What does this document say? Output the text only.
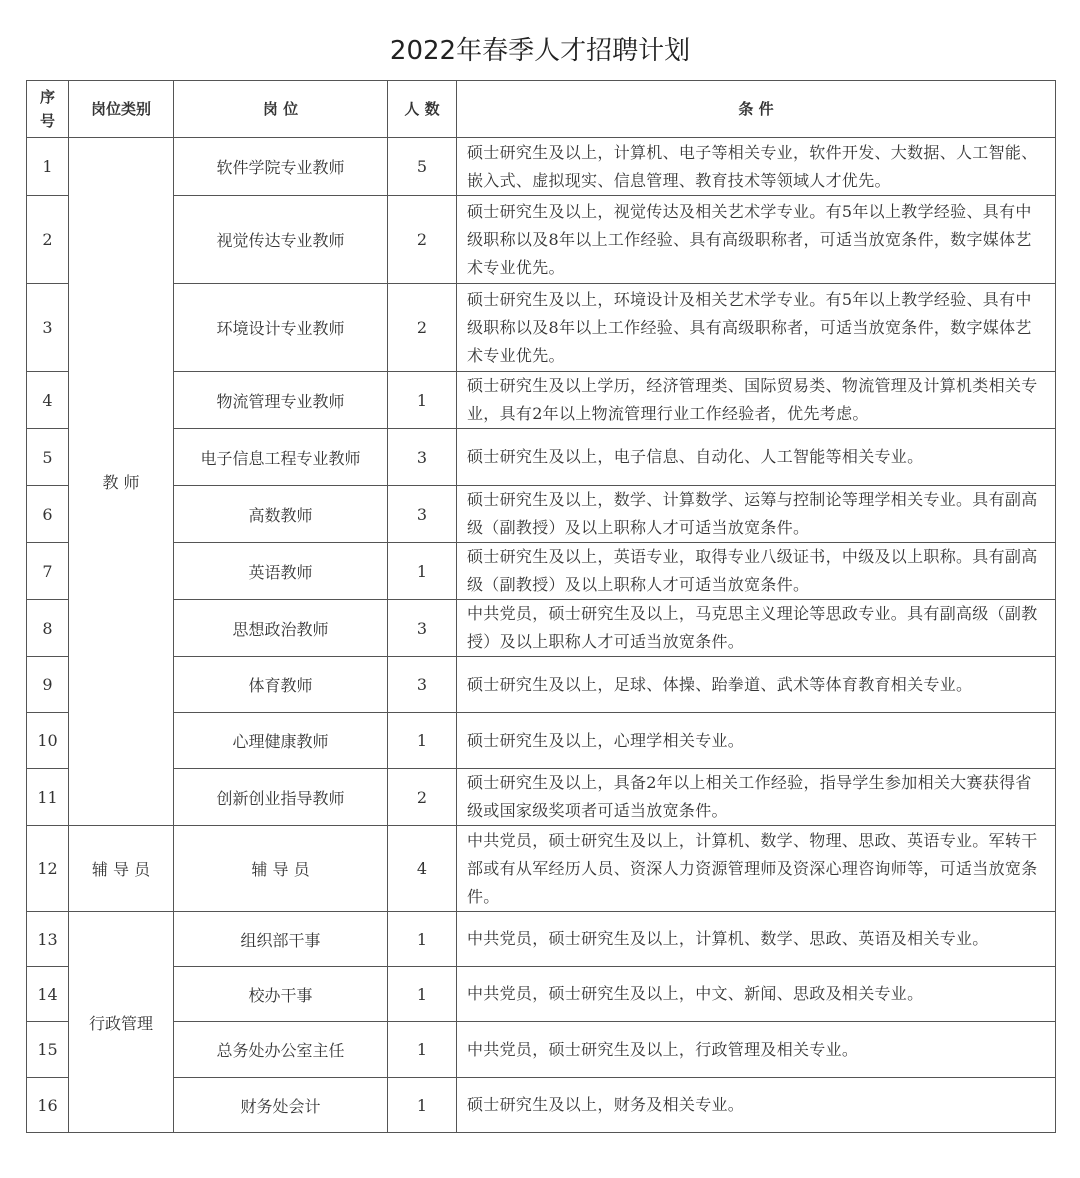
2022年春季人才招聘计划
序号	岗位类别	岗 位	人 数	条 件
1	教 师	软件学院专业教师	5	硕士研究生及以上，计算机、电子等相关专业，软件开发、大数据、人工智能、嵌入式、虚拟现实、信息管理、教育技术等领域人才优先。
2		视觉传达专业教师	2	硕士研究生及以上，视觉传达及相关艺术学专业。有5年以上教学经验、具有中级职称以及8年以上工作经验、具有高级职称者，可适当放宽条件，数字媒体艺术专业优先。
3		环境设计专业教师	2	硕士研究生及以上，环境设计及相关艺术学专业。有5年以上教学经验、具有中级职称以及8年以上工作经验、具有高级职称者，可适当放宽条件，数字媒体艺术专业优先。
4		物流管理专业教师	1	硕士研究生及以上学历，经济管理类、国际贸易类、物流管理及计算机类相关专业，具有2年以上物流管理行业工作经验者，优先考虑。
5		电子信息工程专业教师	3	硕士研究生及以上，电子信息、自动化、人工智能等相关专业。
6		高数教师	3	硕士研究生及以上，数学、计算数学、运筹与控制论等理学相关专业。具有副高级（副教授）及以上职称人才可适当放宽条件。
7		英语教师	1	硕士研究生及以上，英语专业，取得专业八级证书，中级及以上职称。具有副高级（副教授）及以上职称人才可适当放宽条件。
8		思想政治教师	3	中共党员，硕士研究生及以上，马克思主义理论等思政专业。具有副高级（副教授）及以上职称人才可适当放宽条件。
9		体育教师	3	硕士研究生及以上，足球、体操、跆拳道、武术等体育教育相关专业。
10		心理健康教师	1	硕士研究生及以上，心理学相关专业。
11		创新创业指导教师	2	硕士研究生及以上，具备2年以上相关工作经验，指导学生参加相关大赛获得省级或国家级奖项者可适当放宽条件。
12	辅 导 员	辅 导 员	4	中共党员，硕士研究生及以上，计算机、数学、物理、思政、英语专业。军转干部或有从军经历人员、资深人力资源管理师及资深心理咨询师等，可适当放宽条件。
13	行政管理	组织部干事	1	中共党员，硕士研究生及以上，计算机、数学、思政、英语及相关专业。
14		校办干事	1	中共党员，硕士研究生及以上，中文、新闻、思政及相关专业。
15		总务处办公室主任	1	中共党员，硕士研究生及以上，行政管理及相关专业。
16		财务处会计	1	硕士研究生及以上，财务及相关专业。
